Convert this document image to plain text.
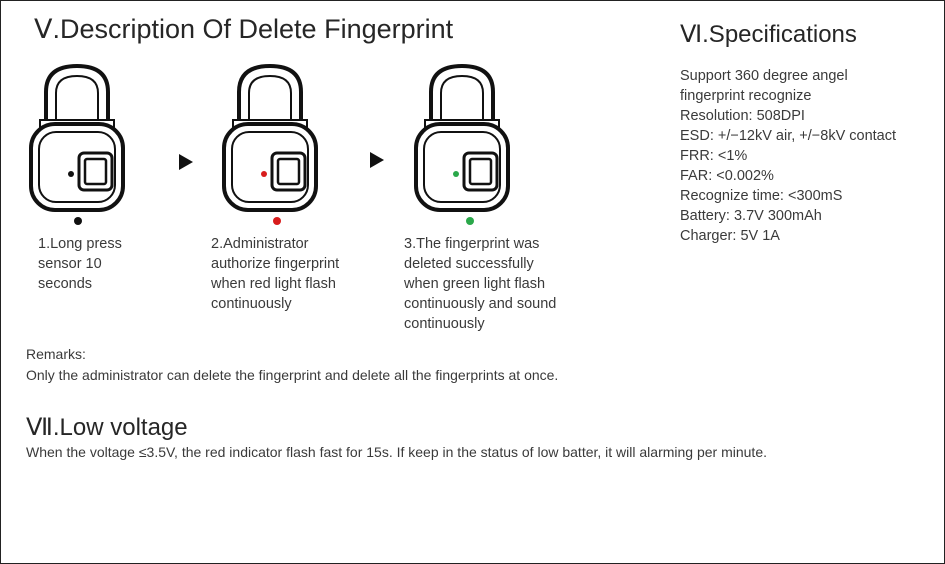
Ⅴ.Description Of Delete Fingerprint

1.Long press
sensor 10
seconds

2.Administrator
authorize fingerprint
when red light flash
continuously

3.The fingerprint was
deleted successfully
when green light flash
continuously and sound
continuously

Remarks:
Only the administrator can delete the fingerprint and delete all the fingerprints at once.
Ⅵ.Specifications
Support 360 degree angel
fingerprint recognize
Resolution: 508DPI
ESD: +/−12kV air, +/−8kV contact
FRR: <1%
FAR: <0.002%
Recognize time: <300mS
Battery: 3.7V 300mAh
Charger: 5V 1A
Ⅶ.Low voltage
When the voltage ≤3.5V, the red indicator flash fast for 15s. If keep in the status of low batter, it will alarming per minute.
